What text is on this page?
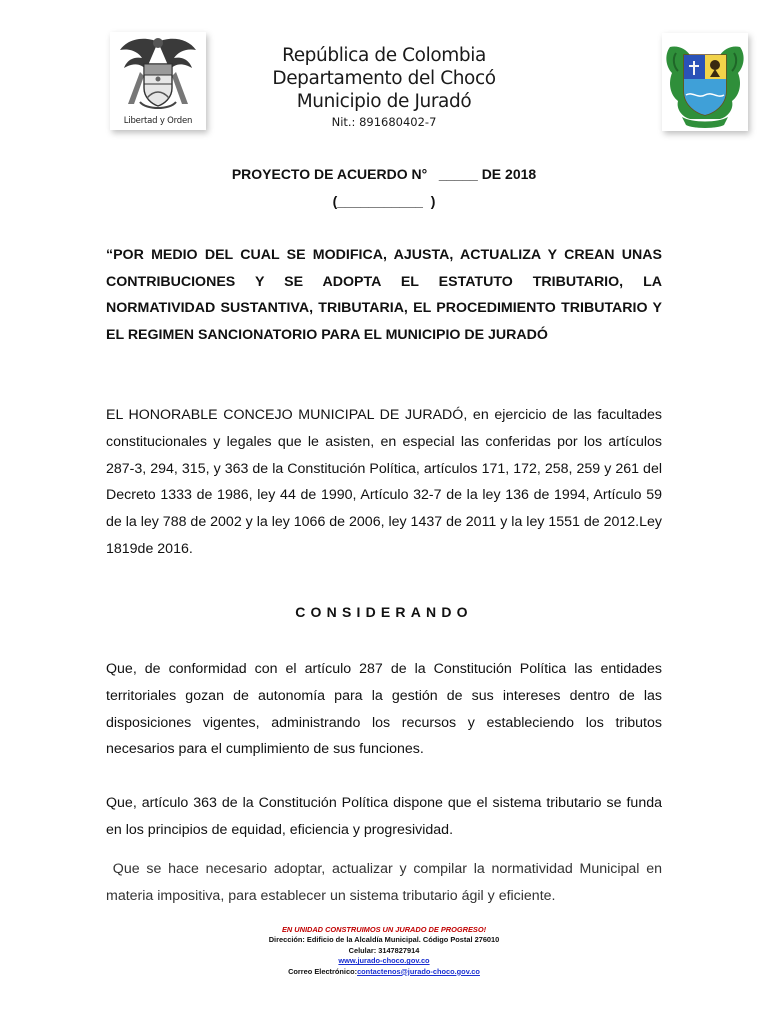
Libertad y Orden
República de Colombia
Departamento del Chocó
Municipio de Juradó
Nit.: 891680402-7
PROYECTO DE ACUERDO N°   _____ DE 2018
(___________  )
“POR MEDIO DEL CUAL SE MODIFICA, AJUSTA, ACTUALIZA Y CREAN UNAS CONTRIBUCIONES Y SE ADOPTA EL ESTATUTO TRIBUTARIO, LA NORMATIVIDAD SUSTANTIVA, TRIBUTARIA, EL PROCEDIMIENTO TRIBUTARIO Y EL REGIMEN SANCIONATORIO PARA EL MUNICIPIO DE JURADÓ
EL HONORABLE CONCEJO MUNICIPAL DE JURADÓ, en ejercicio de las facultades constitucionales y legales que le asisten, en especial las conferidas por los artículos 287-3, 294, 315, y 363 de la Constitución Política, artículos 171, 172, 258, 259 y 261 del Decreto 1333 de 1986, ley 44 de 1990, Artículo 32-7 de la ley 136 de 1994, Artículo 59 de la ley 788 de 2002 y la ley 1066 de 2006, ley 1437 de 2011 y la ley 1551 de 2012.Ley 1819de 2016.
CONSIDERANDO
Que, de conformidad con el artículo 287 de la Constitución Política las entidades territoriales gozan de autonomía para la gestión de sus intereses dentro de las disposiciones vigentes, administrando los recursos y estableciendo los tributos necesarios para el cumplimiento de sus funciones.
Que, artículo 363 de la Constitución Política dispone que el sistema tributario se funda en los principios de equidad, eficiencia y progresividad.
Que se hace necesario adoptar, actualizar y compilar la normatividad Municipal en materia impositiva, para establecer un sistema tributario ágil y eficiente.
EN UNIDAD CONSTRUIMOS UN JURADO DE PROGRESO!
Dirección: Edificio de la Alcaldía Municipal. Código Postal 276010
Celular: 3147827914
www.jurado-choco.gov.co
Correo Electrónico:contactenos@jurado-choco.gov.co
